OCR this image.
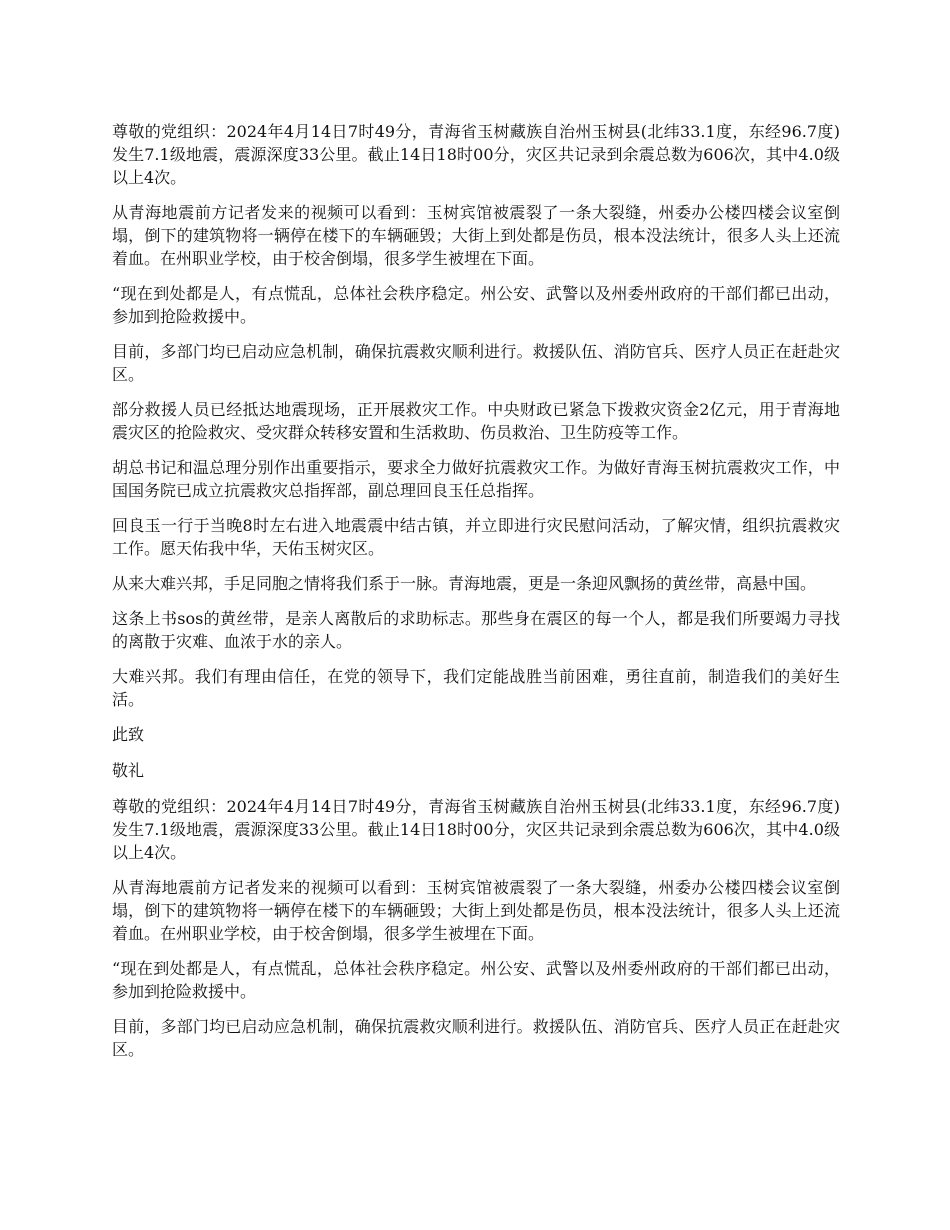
尊敬的党组织：2024年4月14日7时49分，青海省玉树藏族自治州玉树县(北纬33.1度，东经96.7度)发生7.1级地震，震源深度33公里。截止14日18时00分，灾区共记录到余震总数为606次，其中4.0级以上4次。

从青海地震前方记者发来的视频可以看到：玉树宾馆被震裂了一条大裂缝，州委办公楼四楼会议室倒塌，倒下的建筑物将一辆停在楼下的车辆砸毁；大街上到处都是伤员，根本没法统计，很多人头上还流着血。在州职业学校，由于校舍倒塌，很多学生被埋在下面。

“现在到处都是人，有点慌乱，总体社会秩序稳定。州公安、武警以及州委州政府的干部们都已出动，参加到抢险救援中。

目前，多部门均已启动应急机制，确保抗震救灾顺利进行。救援队伍、消防官兵、医疗人员正在赶赴灾区。

部分救援人员已经抵达地震现场，正开展救灾工作。中央财政已紧急下拨救灾资金2亿元，用于青海地震灾区的抢险救灾、受灾群众转移安置和生活救助、伤员救治、卫生防疫等工作。

胡总书记和温总理分别作出重要指示，要求全力做好抗震救灾工作。为做好青海玉树抗震救灾工作，中国国务院已成立抗震救灾总指挥部，副总理回良玉任总指挥。

回良玉一行于当晚8时左右进入地震震中结古镇，并立即进行灾民慰问活动，了解灾情，组织抗震救灾工作。愿天佑我中华，天佑玉树灾区。

从来大难兴邦，手足同胞之情将我们系于一脉。青海地震，更是一条迎风飘扬的黄丝带，高悬中国。

这条上书sos的黄丝带，是亲人离散后的求助标志。那些身在震区的每一个人，都是我们所要竭力寻找的离散于灾难、血浓于水的亲人。

大难兴邦。我们有理由信任，在党的领导下，我们定能战胜当前困难，勇往直前，制造我们的美好生活。

此致

敬礼

尊敬的党组织：2024年4月14日7时49分，青海省玉树藏族自治州玉树县(北纬33.1度，东经96.7度)发生7.1级地震，震源深度33公里。截止14日18时00分，灾区共记录到余震总数为606次，其中4.0级以上4次。

从青海地震前方记者发来的视频可以看到：玉树宾馆被震裂了一条大裂缝，州委办公楼四楼会议室倒塌，倒下的建筑物将一辆停在楼下的车辆砸毁；大街上到处都是伤员，根本没法统计，很多人头上还流着血。在州职业学校，由于校舍倒塌，很多学生被埋在下面。

“现在到处都是人，有点慌乱，总体社会秩序稳定。州公安、武警以及州委州政府的干部们都已出动，参加到抢险救援中。

目前，多部门均已启动应急机制，确保抗震救灾顺利进行。救援队伍、消防官兵、医疗人员正在赶赴灾区。
